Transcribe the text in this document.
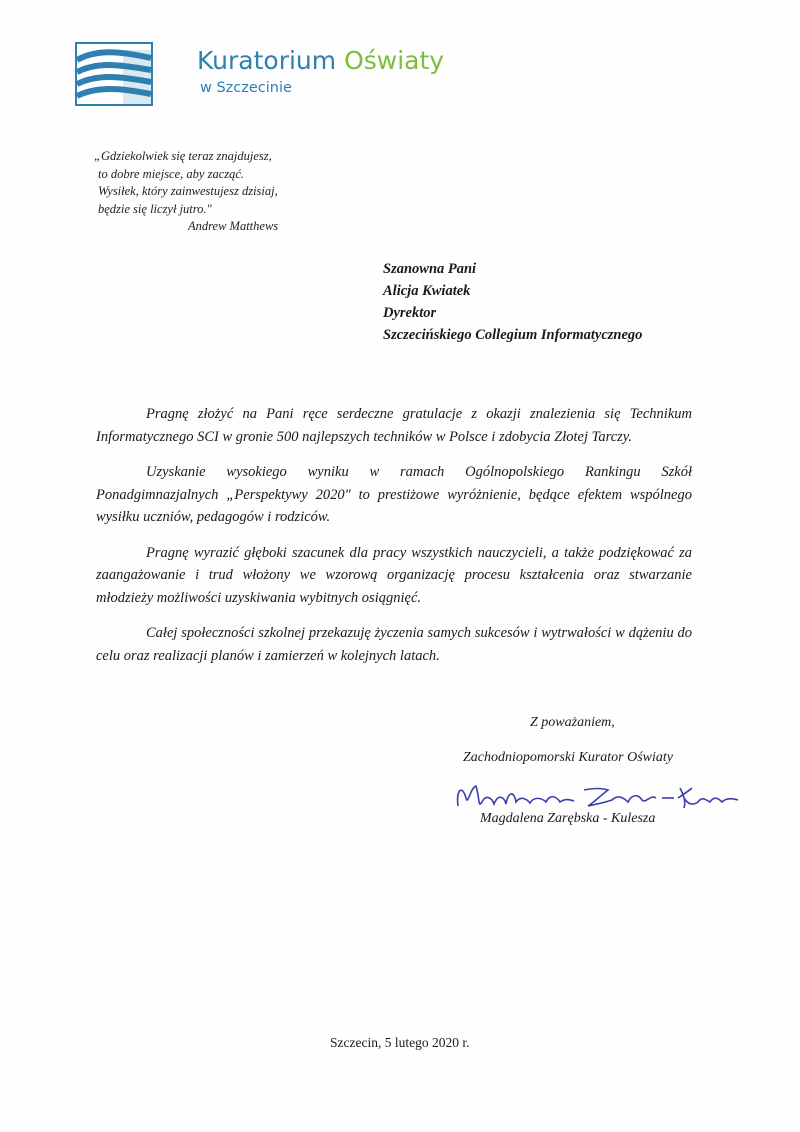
Kuratorium Oświaty
w Szczecinie
„Gdziekolwiek się teraz znajdujesz,
to dobre miejsce, aby zacząć.
Wysiłek, który zainwestujesz dzisiaj,
będzie się liczył jutro."
Andrew Matthews
Szanowna Pani
Alicja Kwiatek
Dyrektor
Szczecińskiego Collegium Informatycznego

Pragnę złożyć na Pani ręce serdeczne gratulacje z okazji znalezienia się Technikum Informatycznego SCI w gronie 500 najlepszych techników w Polsce i zdobycia Złotej Tarczy.

Uzyskanie wysokiego wyniku w ramach Ogólnopolskiego Rankingu Szkół Ponadgimnazjalnych „Perspektywy 2020" to prestiżowe wyróżnienie, będące efektem wspólnego wysiłku uczniów, pedagogów i rodziców.

Pragnę wyrazić głęboki szacunek dla pracy wszystkich nauczycieli, a także podziękować za zaangażowanie i trud włożony we wzorową organizację procesu kształcenia oraz stwarzanie młodzieży możliwości uzyskiwania wybitnych osiągnięć.

Całej społeczności szkolnej przekazuję życzenia samych sukcesów i wytrwałości w dążeniu do celu oraz realizacji planów i zamierzeń w kolejnych latach.

Z poważaniem,
Zachodniopomorski Kurator Oświaty
Magdalena Zarębska - Kulesza
Szczecin, 5 lutego 2020 r.
